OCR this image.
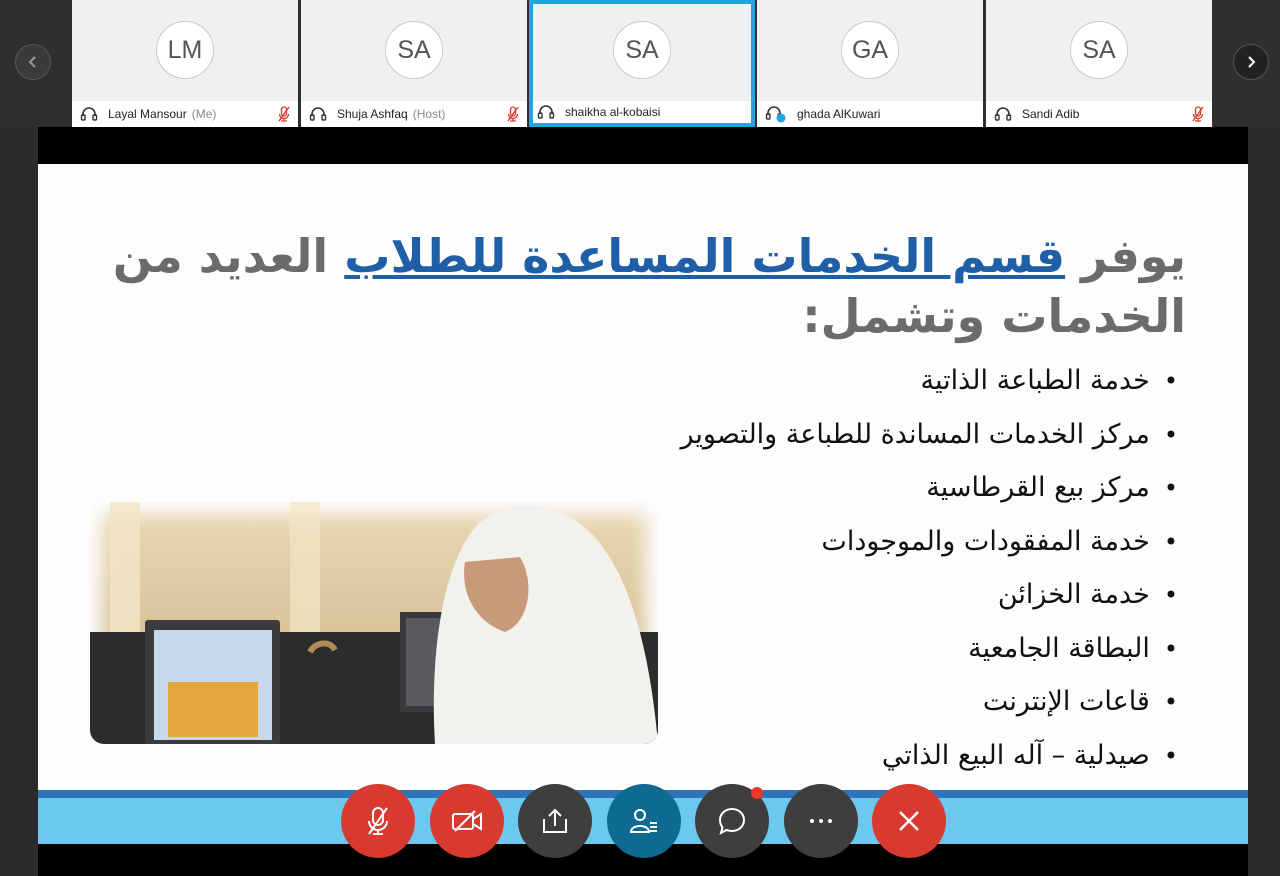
LM
Layal Mansour (Me)
SA
Shuja Ashfaq (Host)
SA
shaikha al-kobaisi
GA
ghada AlKuwari
SA
Sandi Adib
يوفر قسم الخدمات المساعدة للطلاب العديد من الخدمات وتشمل:
• خدمة الطباعة الذاتية
• مركز الخدمات المساندة للطباعة والتصوير
• مركز بيع القرطاسية
• خدمة المفقودات والموجودات
• خدمة الخزائن
• البطاقة الجامعية
• قاعات الإنترنت
• صيدلية – آله البيع الذاتي
